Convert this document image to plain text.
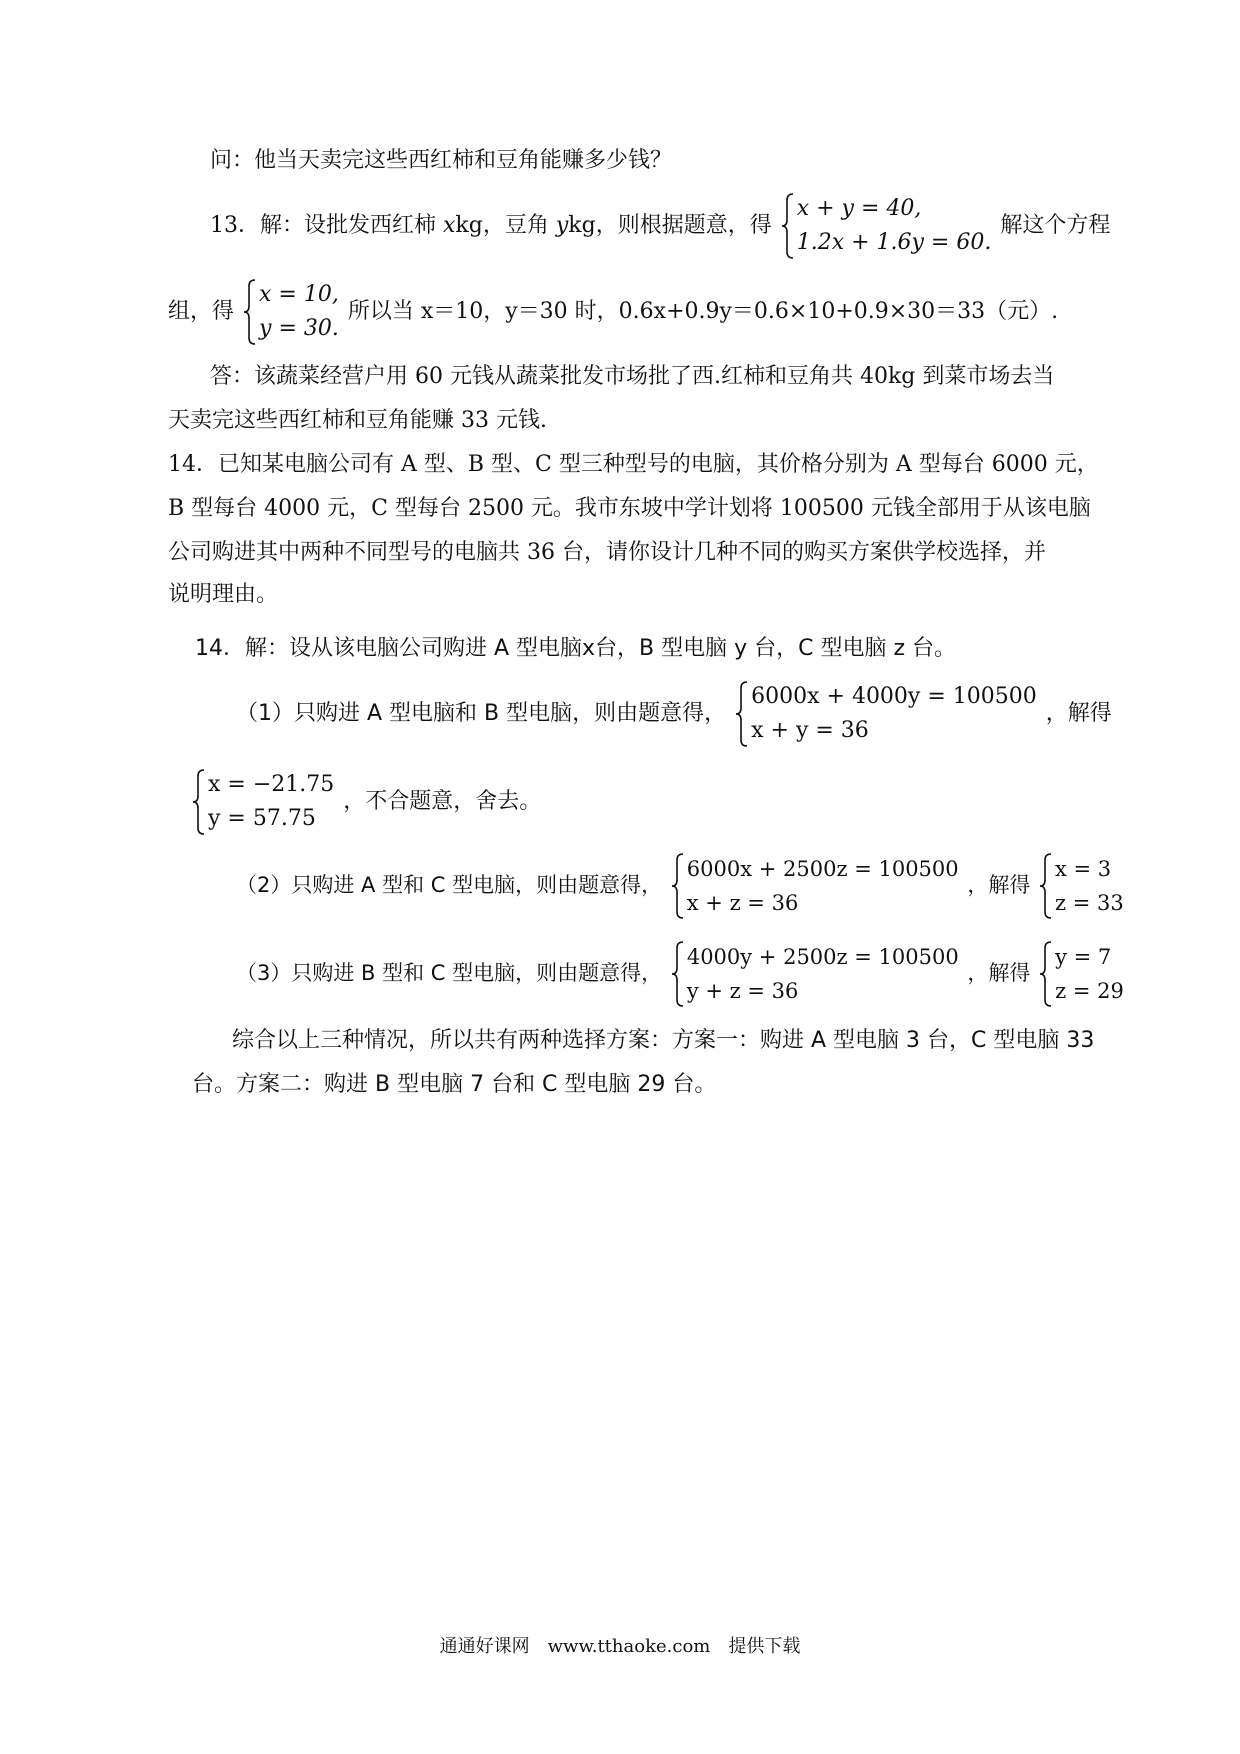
问：他当天卖完这些西红柿和豆角能赚多少钱？
13．解：设批发西红柿 xkg，豆角 ykg，则根据题意，得
x + y = 40,
1.2x + 1.6y = 60.
解这个方程
组，得
x = 10,
y = 30.
所以当 x＝10，y＝30 时，0.6x+0.9y＝0.6×10+0.9×30＝33（元）.
答：该蔬菜经营户用 60 元钱从蔬菜批发市场批了西.红柿和豆角共 40kg 到菜市场去当
天卖完这些西红柿和豆角能赚 33 元钱.
14．已知某电脑公司有 A 型、B 型、C 型三种型号的电脑，其价格分别为 A 型每台 6000 元，
B 型每台 4000 元，C 型每台 2500 元。我市东坡中学计划将 100500 元钱全部用于从该电脑
公司购进其中两种不同型号的电脑共 36 台，请你设计几种不同的购买方案供学校选择，并
说明理由。
14．解：设从该电脑公司购进 A 型电脑x台，B 型电脑 y 台，C 型电脑 z 台。
（1）只购进 A 型电脑和 B 型电脑，则由题意得，
6000x + 4000y = 100500
x + y = 36
，解得
x = −21.75
y = 57.75
，不合题意，舍去。
（2）只购进 A 型和 C 型电脑，则由题意得，
6000x + 2500z = 100500
x + z = 36
，解得
x = 3
z = 33
（3）只购进 B 型和 C 型电脑，则由题意得，
4000y + 2500z = 100500
y + z = 36
，解得
y = 7
z = 29
综合以上三种情况，所以共有两种选择方案：方案一：购进 A 型电脑 3 台，C 型电脑 33
台。方案二：购进 B 型电脑 7 台和 C 型电脑 29 台。
通通好课网　www.tthaoke.com　提供下载
